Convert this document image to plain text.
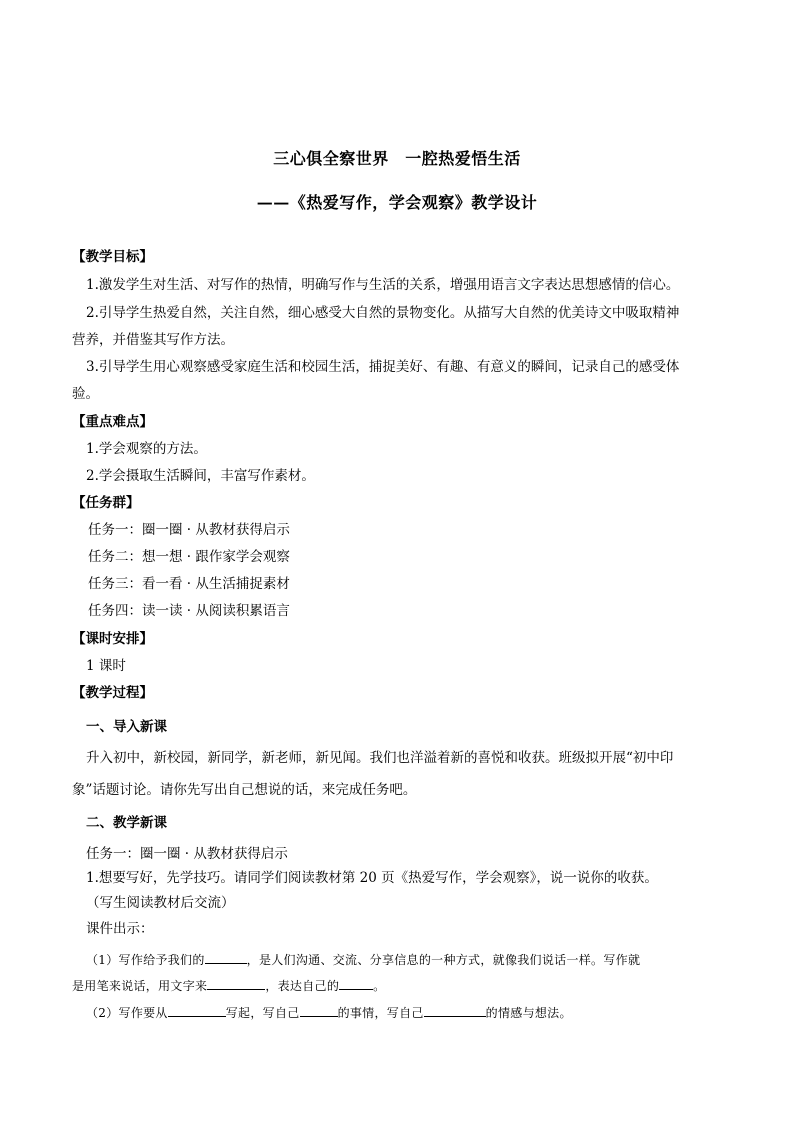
三心俱全察世界　一腔热爱悟生活
——《热爱写作，学会观察》教学设计
【教学目标】
1.激发学生对生活、对写作的热情，明确写作与生活的关系，增强用语言文字表达思想感情的信心。
2.引导学生热爱自然，关注自然，细心感受大自然的景物变化。从描写大自然的优美诗文中吸取精神
营养，并借鉴其写作方法。
3.引导学生用心观察感受家庭生活和校园生活，捕捉美好、有趣、有意义的瞬间，记录自己的感受体
验。
【重点难点】
1.学会观察的方法。
2.学会摄取生活瞬间，丰富写作素材。
【任务群】
任务一：圈一圈 · 从教材获得启示
任务二：想一想 · 跟作家学会观察
任务三：看一看 · 从生活捕捉素材
任务四：读一读 · 从阅读积累语言
【课时安排】
1 课时
【教学过程】
一、导入新课
升入初中，新校园，新同学，新老师，新见闻。我们也洋溢着新的喜悦和收获。班级拟开展“初中印
象”话题讨论。请你先写出自己想说的话，来完成任务吧。
二、教学新课
任务一：圈一圈 · 从教材获得启示
1.想要写好，先学技巧。请同学们阅读教材第 20 页《热爱写作，学会观察》，说一说你的收获。
（写生阅读教材后交流）
课件出示：
（1）写作给予我们的	，是人们沟通、交流、分享信息的一种方式，就像我们说话一样。写作就
是用笔来说话，用文字来	，表达自己的	。
（2）写作要从	写起，写自己	的事情，写自己	的情感与想法。
